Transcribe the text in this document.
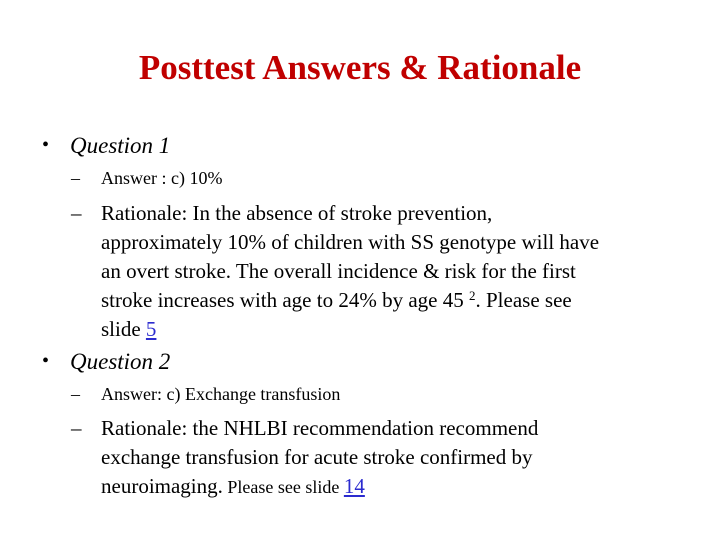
Posttest Answers & Rationale

• Question 1

– Answer : c) 10%

– Rationale: In the absence of stroke prevention,
approximately 10% of children with SS genotype will have
an overt stroke. The overall incidence & risk for the first
stroke increases with age to 24% by age 45 $^2$. Please see
slide 5

• Question 2

– Answer: c) Exchange transfusion

– Rationale: the NHLBI recommendation recommend
exchange transfusion for acute stroke confirmed by
neuroimaging. Please see slide 14
